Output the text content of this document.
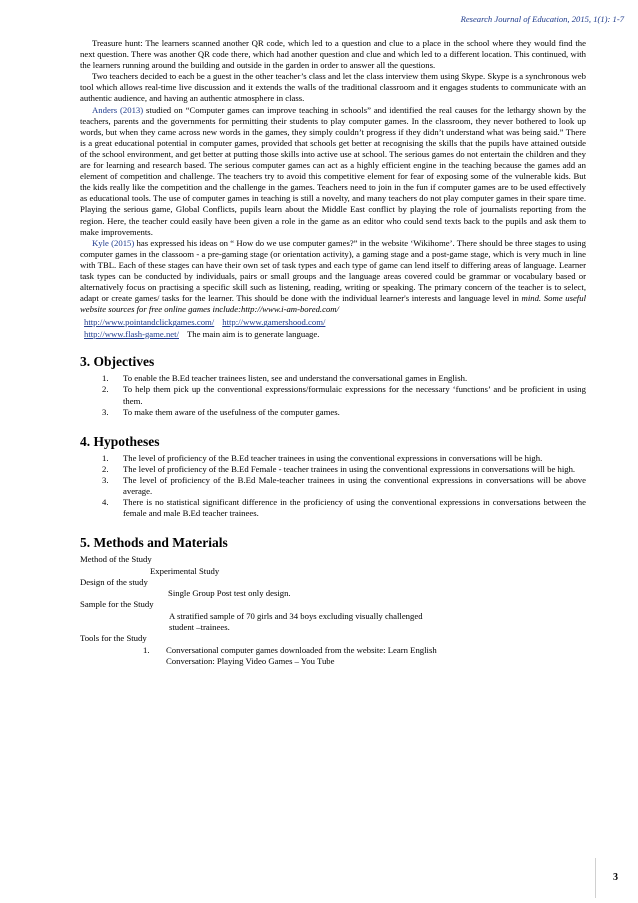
Research Journal of Education, 2015, 1(1): 1-7

Treasure hunt: The learners scanned another QR code, which led to a question and clue to a place in the school where they would find the next question. There was another QR code there, which had another question and clue and which led to a different location. This continued, with the learners running around the building and outside in the garden in order to answer all the questions.

Two teachers decided to each be a guest in the other teacher’s class and let the class interview them using Skype. Skype is a synchronous web tool which allows real-time live discussion and it extends the walls of the traditional classroom and it engages students to communicate with an authentic audience, and having an authentic atmosphere in class.

Anders (2013) studied on “Computer games can improve teaching in schools” and identified the real causes for the lethargy shown by the teachers, parents and the governments for permitting their students to play computer games. In the classroom, they never bothered to look up words, but when they came across new words in the games, they simply couldn’t progress if they didn’t understand what was being said.” There is a great educational potential in computer games, provided that schools get better at recognising the skills that the pupils have attained outside of the school environment, and get better at putting those skills into active use at school. The serious games do not entertain the children and they are for learning and research based. The serious computer games can act as a highly efficient engine in the teaching because the games add an element of competition and challenge. The teachers try to avoid this competitive element for fear of exposing some of the vulnerable kids. But the kids really like the competition and the challenge in the games. Teachers need to join in the fun if computer games are to be used effectively as educational tools. The use of computer games in teaching is still a novelty, and many teachers do not play computer games in their spare time. Playing the serious game, Global Conflicts, pupils learn about the Middle East conflict by playing the role of journalists reporting from the region. Here, the teacher could easily have been given a role in the game as an editor who could send texts back to the pupils and ask them to make improvements.

Kyle (2015) has expressed his ideas on “ How do we use computer games?” in the website ‘Wikihome’. There should be three stages to using computer games in the classoom - a pre-gaming stage (or orientation activity), a gaming stage and a post-game stage, which is very much in line with TBL. Each of these stages can have their own set of task types and each type of game can lend itself to differing areas of language. Learner task types can be conducted by individuals, pairs or small groups and the language areas covered could be grammar or vocabulary based or alternatively focus on practising a specific skill such as listening, reading, writing or speaking. The primary concern of the teacher is to select, adapt or create games/ tasks for the learner. This should be done with the individual learner's interests and language level in mind. Some useful website sources for free online games include:http://www.i-am-bored.com/

http://www.pointandclickgames.com/ http://www.gamershood.com/
http://www.flash-game.net/ The main aim is to generate language.
3. Objectives
1. To enable the B.Ed teacher trainees listen, see and understand the conversational games in English.
2. To help them pick up the conventional expressions/formulaic expressions for the necessary ‘functions’ and be proficient in using them.
3. To make them aware of the usefulness of the computer games.
4. Hypotheses
1. The level of proficiency of the B.Ed teacher trainees in using the conventional expressions in conversations will be high.
2. The level of proficiency of the B.Ed Female - teacher trainees in using the conventional expressions in conversations will be high.
3. The level of proficiency of the B.Ed Male-teacher trainees in using the conventional expressions in conversations will be above average.
4. There is no statistical significant difference in the proficiency of using the conventional expressions in conversations between the female and male B.Ed teacher trainees.
5. Methods and Materials
Method of the Study
Experimental Study
Design of the study
Single Group Post test only design.
Sample for the Study
A stratified sample of 70 girls and 34 boys excluding visually challenged
student –trainees.
Tools for the Study
1. Conversational computer games downloaded from the website: Learn English
Conversation: Playing Video Games – You Tube
3
